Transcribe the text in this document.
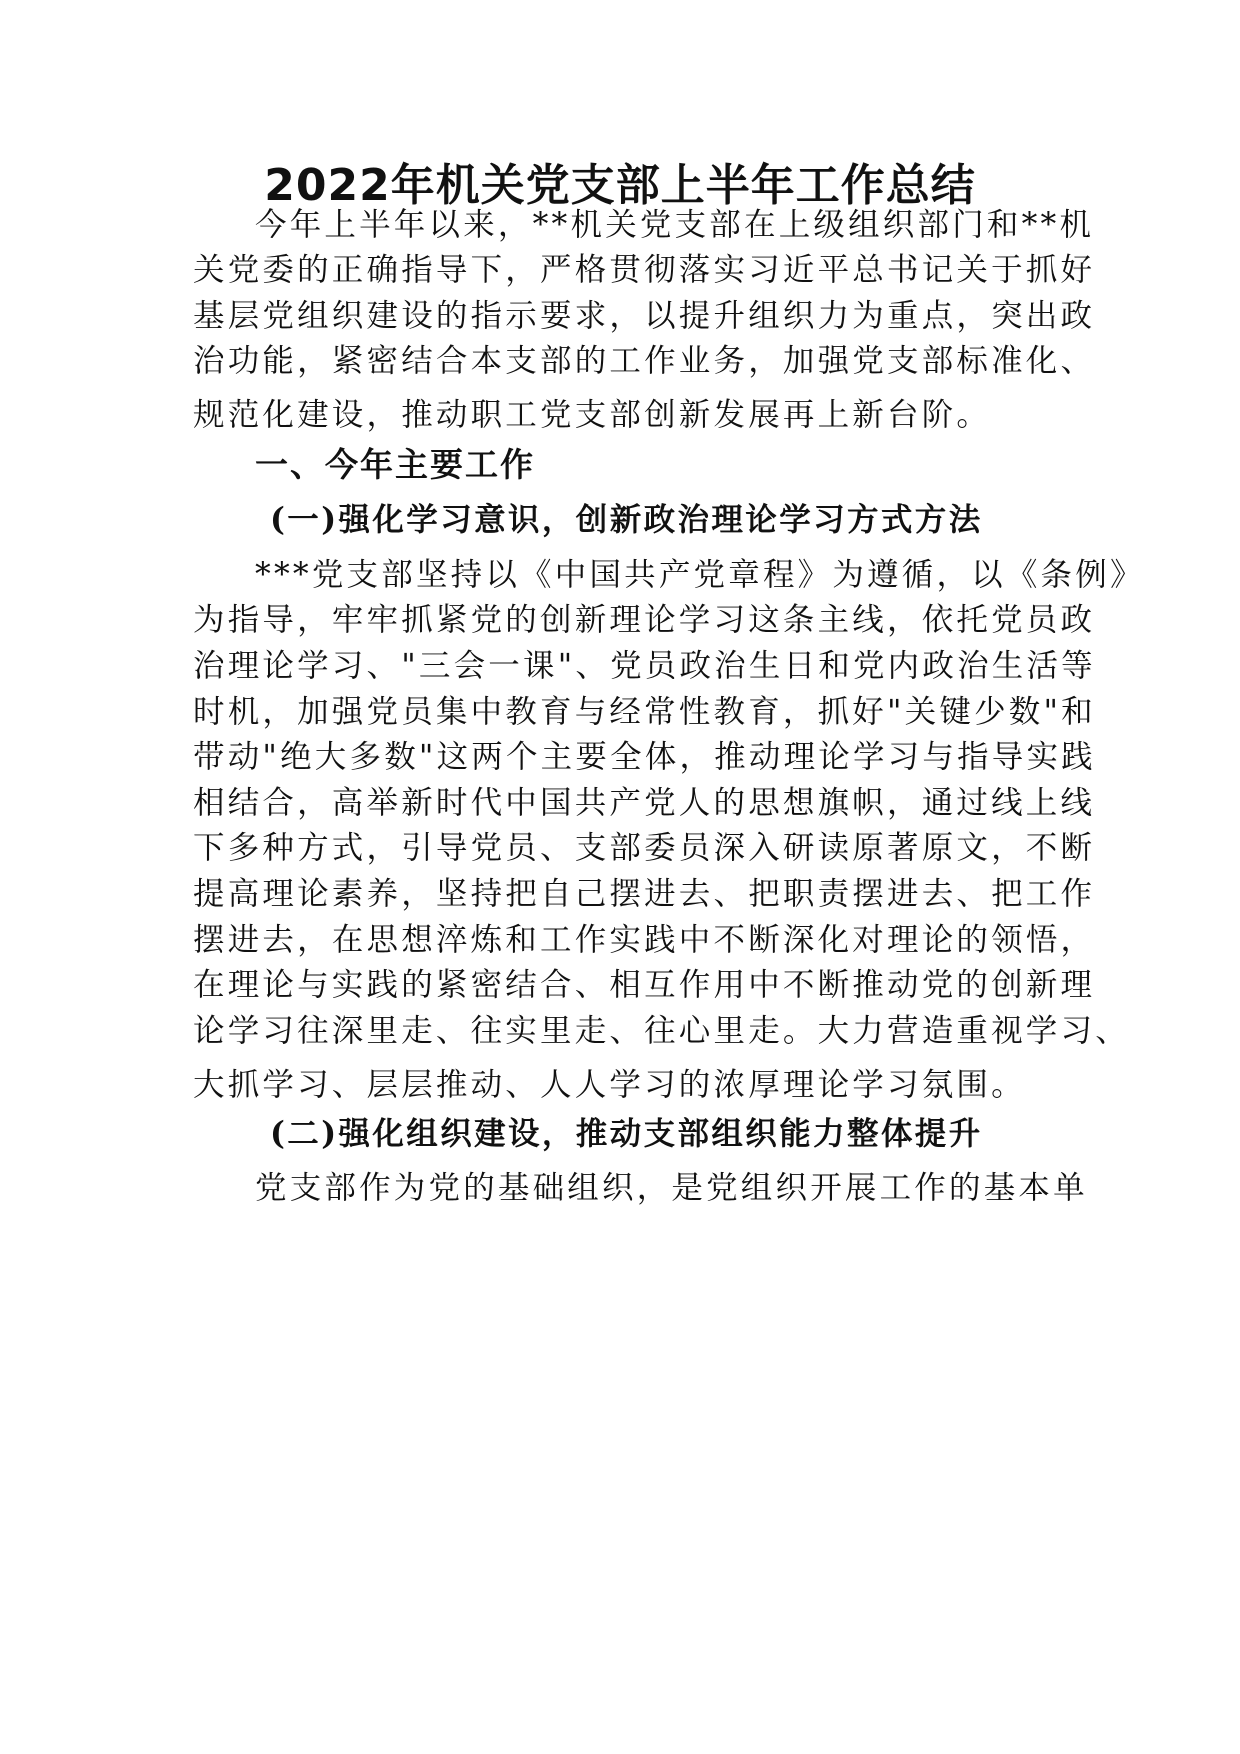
2022年机关党支部上半年工作总结
今年上半年以来，**机关党支部在上级组织部门和**机
关党委的正确指导下，严格贯彻落实习近平总书记关于抓好
基层党组织建设的指示要求，以提升组织力为重点，突出政
治功能，紧密结合本支部的工作业务，加强党支部标准化、
规范化建设，推动职工党支部创新发展再上新台阶。
一、今年主要工作
(一)强化学习意识，创新政治理论学习方式方法
***党支部坚持以《中国共产党章程》为遵循，以《条例》
为指导，牢牢抓紧党的创新理论学习这条主线，依托党员政
治理论学习、"三会一课"、党员政治生日和党内政治生活等
时机，加强党员集中教育与经常性教育，抓好"关键少数"和
带动"绝大多数"这两个主要全体，推动理论学习与指导实践
相结合，高举新时代中国共产党人的思想旗帜，通过线上线
下多种方式，引导党员、支部委员深入研读原著原文，不断
提高理论素养，坚持把自己摆进去、把职责摆进去、把工作
摆进去，在思想淬炼和工作实践中不断深化对理论的领悟，
在理论与实践的紧密结合、相互作用中不断推动党的创新理
论学习往深里走、往实里走、往心里走。大力营造重视学习、
大抓学习、层层推动、人人学习的浓厚理论学习氛围。
(二)强化组织建设，推动支部组织能力整体提升
党支部作为党的基础组织，是党组织开展工作的基本单
